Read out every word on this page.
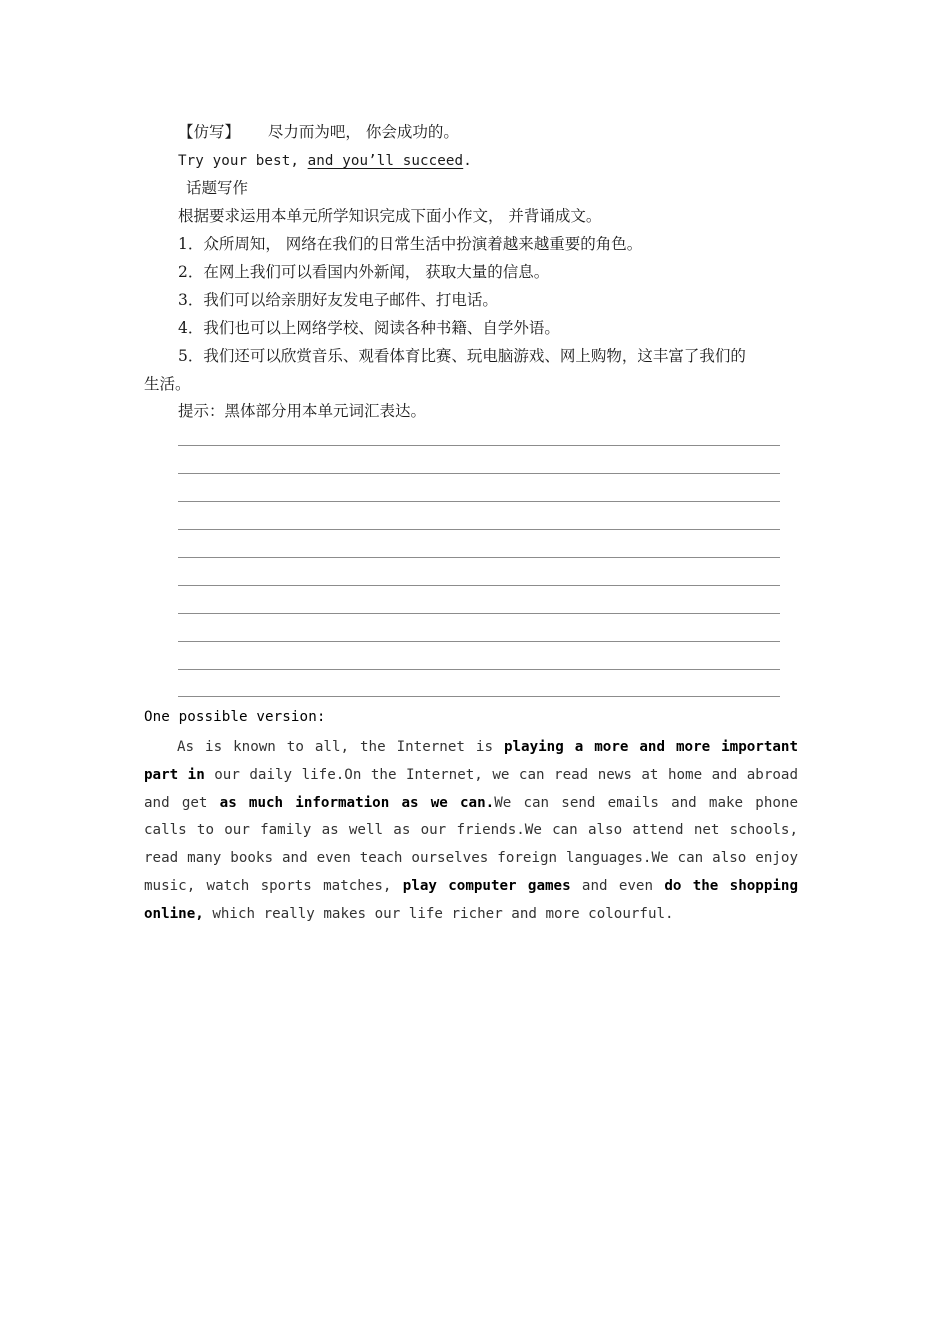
【仿写】 尽力而为吧， 你会成功的。
Try your best, and you’ll succeed.
话题写作
根据要求运用本单元所学知识完成下面小作文， 并背诵成文。
1．众所周知， 网络在我们的日常生活中扮演着越来越重要的角色。
2．在网上我们可以看国内外新闻， 获取大量的信息。
3．我们可以给亲朋好友发电子邮件、打电话。
4．我们也可以上网络学校、阅读各种书籍、自学外语。
5．我们还可以欣赏音乐、观看体育比赛、玩电脑游戏、网上购物，这丰富了我们的
生活。
提示：黑体部分用本单元词汇表达。
One possible version:
As is known to all, the Internet is playing a more and more important part in our daily life.On the Internet, we can read news at home and abroad and get as much information as we can.We can send emails and make phone calls to our family as well as our friends.We can also attend net schools, read many books and even teach ourselves foreign languages.We can also enjoy music, watch sports matches, play computer games and even do the shopping online, which really makes our life richer and more colourful.
